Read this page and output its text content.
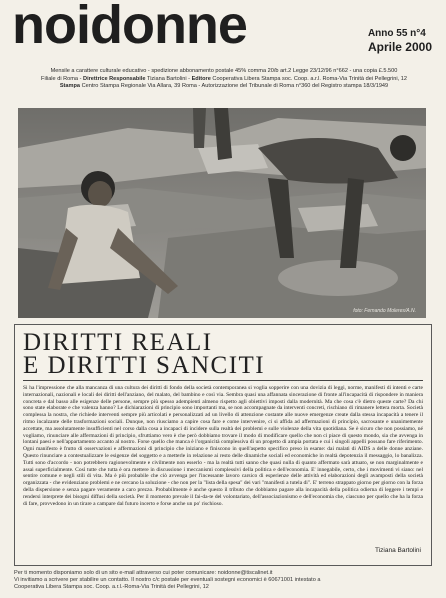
noidonne	Anno 55 n°4
Aprile 2000
Mensile a carattere culturale educativo - spedizione abbonamento postale 45% comma 20/b art.2 Legge 23/12/96 n°662 - una copia £.5.500
Filiale di Roma - Direttrice Responsabile Tiziana Bartolini - Editore Cooperativa Libera Stampa soc. Coop. a.r.l. Roma-Via Trinità dei Pellegrini, 12
Stampa Centro Stampa Regionale Via Allara, 39 Roma - Autorizzazione del Tribunale di Roma n°360 del Registro stampa 18/3/1949
foto: Fernando Moleres/A.N.
DIRITTI REALI
E DIRITTI SANCITI
Si ha l'impressione che alla mancanza di una cultura dei diritti di fondo della società contemporanea si voglia sopperire con una dovizia di leggi, norme, manifesti di intenti e carte internazionali, nazionali e locali dei diritti dell'anziano, del malato, del bambino e così via. Sembra quasi una affannata sincerazione di fronte all'incapacità di rispondere in maniera concreta e dal basso alle esigenze delle persone, sempre più spesso adempienti almeno rispetto agli obiettivi imposti dalla modernità. Ma che cosa c'è dietro queste carte? Da chi sono state elaborate e che valenza hanno? Le dichiarazioni di principio sono importanti ma, se non accompagnate da interventi concreti, rischiano di rimanere lettera morta. Società complessa la nostra, che richiede interventi sempre più articolati e personalizzati ad un livello di attenzione costante alle nuove emergenze create dalla stessa incapacità a tenere il ritmo incalzante delle trasformazioni sociali. Dunque, non riusciamo a capire cosa fare e come intervenire, ci si affida ad affermazioni di principio, sacrosante e unanimemente accettate, ma assolutamente insufficienti nel corso dalla cosa a incapaci di incidere sulla realtà dei problemi e sulle violenze della vita quotidiana. Se è sicuro che non possiamo, né vogliamo, rinunciare alle affermazioni di principio, sfruttiamo vero è che però dobbiamo trovare il modo di modificare quello che non ci piace di questo mondo, sia che avvenga in lontani paesi e nell'appartamento accanto al nostro. Forse quello che manca è l'organicità complessiva di un progetto di ampia portata e cui i singoli appelli possano fare riferimento. Ogni manifesto è frutto di osservazioni e affermazioni di principio che iniziano e finiscono in quell'aspetto specifico preso in esame: dai malati di AIDS a delle donne anziane. Questo rinunciare a contestualizzare le esigenze del soggetto e a metterle in relazione ai resto delle dinamiche sociali ed economiche in realtà depotenzia il messaggio, lo banalizza. Tutti sono d'accordo - non potrebbero ragionevolmente e civilmente non esserlo - ma la realtà tutti sanno che quasi nulla di quanto affermato sarà attuato, se non marginalmente e assai superficialmente. Così tutte che tutta è ora mettere in discussione i meccanismi complessivi della politica e dell'economia. E' innegabile, certo, che i movimenti vi siano: nel sentire comune e negli stili di vita. Ma è più probabile che ciò avvenga per l'incessante lavoro carsico di esperienze delle attività ed elaborazioni degli avamposti della società organizzata - che evidenziano problemi e ne cercano la soluzione - che non per la "lista della spesa" dei vari "manifesti a tutela di". E' terreno strappato giorno per giorno con la forza della dispersione e senza pagare veramente a caro prezzo. Probabilmente è anche questo il tributo che dobbiamo pagare alla incapacità della politica odierna di leggere i tempi e rendersi interprete dei bisogni diffusi della società. Per il momento prevale il fai-da-te del volontariato, dell'associazionismo e dell'economia che, ciascuno per quello che ha la forza di fare, provvedono in un tirare a campare dal futuro incerto e forse anche un po' rischioso.
Tiziana Bartolini
Per ti momento disponiamo solo di un sito e-mail attraverso cui poter comunicare: noidonne@tiscalinet.it
Vi invitiamo a scrivere per stabilire un contatto. Il nostro c/c postale per eventuali sostegni economici è 60671001 intestato a
Cooperativa Libera Stampa soc. Coop. a.r.l.-Roma-Via Trinità dei Pellegrini, 12
